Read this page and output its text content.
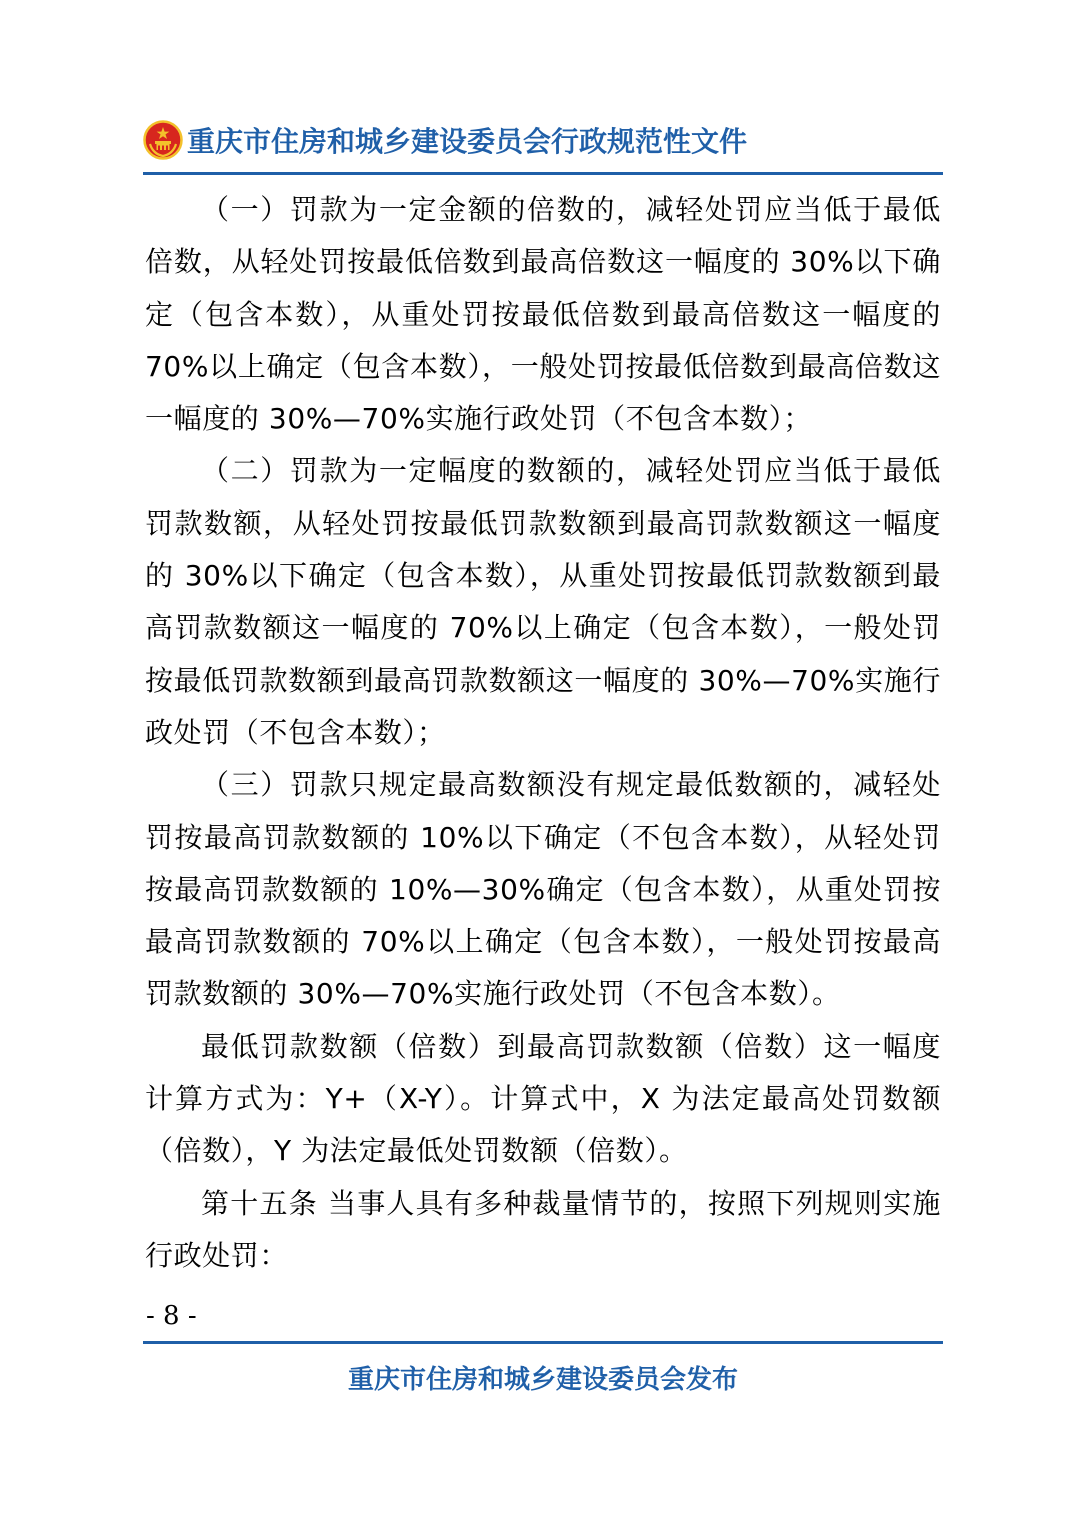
重庆市住房和城乡建设委员会行政规范性文件

（一）罚款为一定金额的倍数的，减轻处罚应当低于最低倍数，从轻处罚按最低倍数到最高倍数这一幅度的 30%以下确定（包含本数），从重处罚按最低倍数到最高倍数这一幅度的 70%以上确定（包含本数），一般处罚按最低倍数到最高倍数这一幅度的 30%—70%实施行政处罚（不包含本数）；

（二）罚款为一定幅度的数额的，减轻处罚应当低于最低罚款数额，从轻处罚按最低罚款数额到最高罚款数额这一幅度的 30%以下确定（包含本数），从重处罚按最低罚款数额到最高罚款数额这一幅度的 70%以上确定（包含本数），一般处罚按最低罚款数额到最高罚款数额这一幅度的 30%—70%实施行政处罚（不包含本数）；

（三）罚款只规定最高数额没有规定最低数额的，减轻处罚按最高罚款数额的 10%以下确定（不包含本数），从轻处罚按最高罚款数额的 10%—30%确定（包含本数），从重处罚按最高罚款数额的 70%以上确定（包含本数），一般处罚按最高罚款数额的 30%—70%实施行政处罚（不包含本数）。

最低罚款数额（倍数）到最高罚款数额（倍数）这一幅度计算方式为：Y+（X-Y）。计算式中，X 为法定最高处罚数额（倍数），Y 为法定最低处罚数额（倍数）。

第十五条 当事人具有多种裁量情节的，按照下列规则实施行政处罚：

- 8 -
重庆市住房和城乡建设委员会发布
